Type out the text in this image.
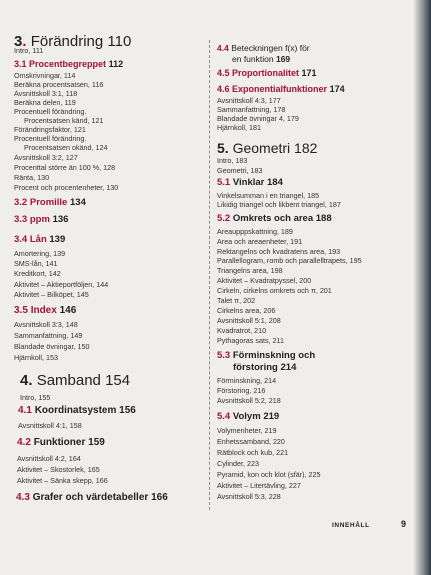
3. Förändring 110
Intro, 111
3.1 Procentbegreppet 112
Omskrivningar, 114
Beräkna procentsatsen, 116
Avsnittskoll 3:1, 118
Beräkna delen, 119
Procentuell förändring.
Procentsatsen känd, 121
Förändringsfaktor, 121
Procentuell förändring.
Procentsatsen okänd, 124
Avsnittskoll 3:2, 127
Procenttal större än 100 %, 128
Ränta, 130
Procent och procentenheter, 130
3.2 Promille 134
3.3 ppm 136
3.4 Lån 139
Amortering, 139
SMS-lån, 141
Kreditkort, 142
Aktivitet – Aktieportföljen, 144
Aktivitet – Bilköpet, 145
3.5 Index 146
Avsnittskoll 3:3, 148
Sammanfattning, 149
Blandade övningar, 150
Hjärnkoll, 153
4. Samband 154
Intro, 155
4.1 Koordinatsystem 156
Avsnittskoll 4:1, 158
4.2 Funktioner 159
Avsnittskoll 4:2, 164
Aktivitet – Skostorlek, 165
Aktivitet – Sänka skepp, 166
4.3 Grafer och värdetabeller 166
4.4 Beteckningen f(x) för
en funktion 169
4.5 Proportionalitet 171
4.6 Exponentialfunktioner 174
Avsnittskoll 4:3, 177
Sammanfattning, 178
Blandade övningar 4, 179
Hjärnkoll, 181
5. Geometri 182
Intro, 183
Geometri, 183
5.1 Vinklar 184
Vinkelsumman i en triangel, 185
Likidig triangel och likbent triangel, 187
5.2 Omkrets och area 188
Areaupppskattning, 189
Area och areaenheter, 191
Rektangelns och kvadratens area, 193
Parallellogram, romb och parallelltrapets, 195
Triangelns area, 198
Aktivitet – Kvadratpyssel, 200
Cirkeln, cirkelns omkrets och π, 201
Talet π, 202
Cirkelns area, 206
Avsnittskoll 5:1, 208
Kvadratrot, 210
Pythagoras sats, 211
5.3 Förminskning och
förstoring 214
Förminskning, 214
Förstoring, 216
Avsnittskoll 5:2, 218
5.4 Volym 219
Volymenheter, 219
Enhetssamband, 220
Rätblock och kub, 221
Cylinder, 223
Pyramid, kon och klot (sfär), 225
Aktivitet – Litertävling, 227
Avsnittskoll 5:3, 228
INNEHÅLL	9
